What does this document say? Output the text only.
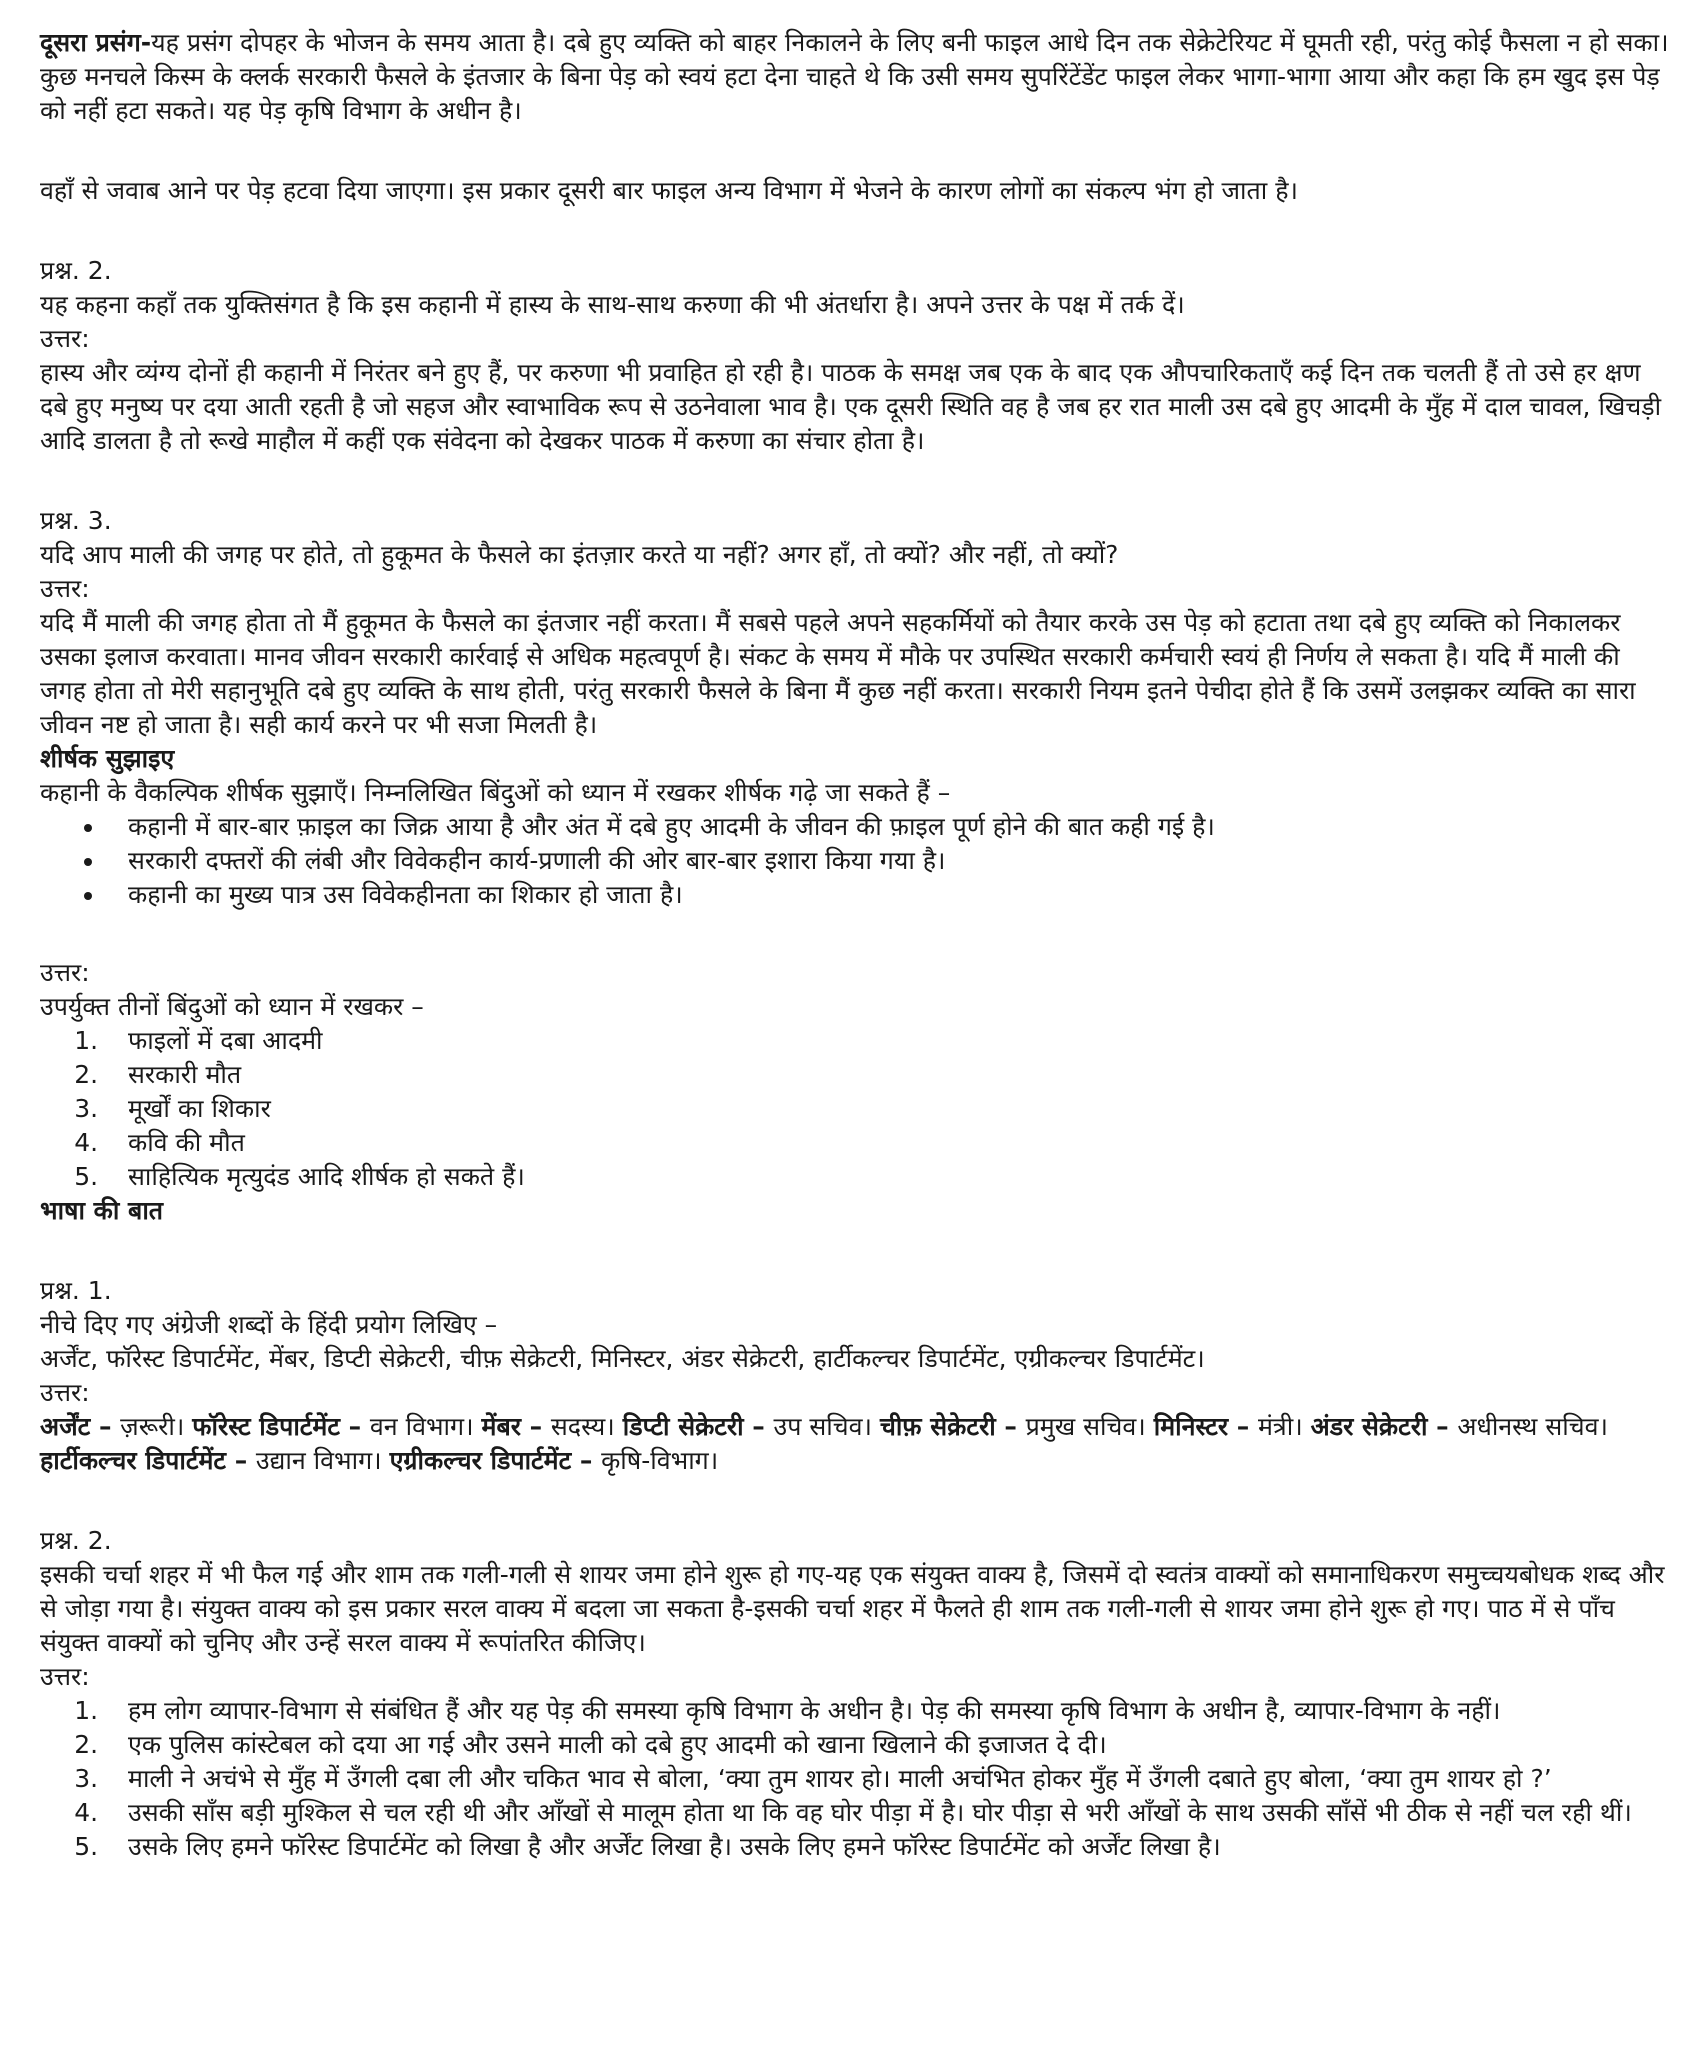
दूसरा प्रसंग-यह प्रसंग दोपहर के भोजन के समय आता है। दबे हुए व्यक्ति को बाहर निकालने के लिए बनी फाइल आधे दिन तक सेक्रेटेरियट में घूमती रही, परंतु कोई फैसला न हो सका। कुछ मनचले किस्म के क्लर्क सरकारी फैसले के इंतजार के बिना पेड़ को स्वयं हटा देना चाहते थे कि उसी समय सुपरिंटेंडेंट फाइल लेकर भागा-भागा आया और कहा कि हम खुद इस पेड़ को नहीं हटा सकते। यह पेड़ कृषि विभाग के अधीन है।

वहाँ से जवाब आने पर पेड़ हटवा दिया जाएगा। इस प्रकार दूसरी बार फाइल अन्य विभाग में भेजने के कारण लोगों का संकल्प भंग हो जाता है।

प्रश्न. 2.

यह कहना कहाँ तक युक्तिसंगत है कि इस कहानी में हास्य के साथ-साथ करुणा की भी अंतर्धारा है। अपने उत्तर के पक्ष में तर्क दें।

उत्तर:

हास्य और व्यंग्य दोनों ही कहानी में निरंतर बने हुए हैं, पर करुणा भी प्रवाहित हो रही है। पाठक के समक्ष जब एक के बाद एक औपचारिकताएँ कई दिन तक चलती हैं तो उसे हर क्षण दबे हुए मनुष्य पर दया आती रहती है जो सहज और स्वाभाविक रूप से उठनेवाला भाव है। एक दूसरी स्थिति वह है जब हर रात माली उस दबे हुए आदमी के मुँह में दाल चावल, खिचड़ी आदि डालता है तो रूखे माहौल में कहीं एक संवेदना को देखकर पाठक में करुणा का संचार होता है।

प्रश्न. 3.

यदि आप माली की जगह पर होते, तो हुकूमत के फैसले का इंतज़ार करते या नहीं? अगर हाँ, तो क्यों? और नहीं, तो क्यों?

उत्तर:

यदि मैं माली की जगह होता तो मैं हुकूमत के फैसले का इंतजार नहीं करता। मैं सबसे पहले अपने सहकर्मियों को तैयार करके उस पेड़ को हटाता तथा दबे हुए व्यक्ति को निकालकर उसका इलाज करवाता। मानव जीवन सरकारी कार्रवाई से अधिक महत्वपूर्ण है। संकट के समय में मौके पर उपस्थित सरकारी कर्मचारी स्वयं ही निर्णय ले सकता है। यदि मैं माली की जगह होता तो मेरी सहानुभूति दबे हुए व्यक्ति के साथ होती, परंतु सरकारी फैसले के बिना मैं कुछ नहीं करता। सरकारी नियम इतने पेचीदा होते हैं कि उसमें उलझकर व्यक्ति का सारा जीवन नष्ट हो जाता है। सही कार्य करने पर भी सजा मिलती है।

शीर्षक सुझाइए

कहानी के वैकल्पिक शीर्षक सुझाएँ। निम्नलिखित बिंदुओं को ध्यान में रखकर शीर्षक गढ़े जा सकते हैं –

• कहानी में बार-बार फ़ाइल का जिक्र आया है और अंत में दबे हुए आदमी के जीवन की फ़ाइल पूर्ण होने की बात कही गई है।
• सरकारी दफ्तरों की लंबी और विवेकहीन कार्य-प्रणाली की ओर बार-बार इशारा किया गया है।
• कहानी का मुख्य पात्र उस विवेकहीनता का शिकार हो जाता है।

उत्तर:

उपर्युक्त तीनों बिंदुओं को ध्यान में रखकर –

1. फाइलों में दबा आदमी
2. सरकारी मौत
3. मूर्खों का शिकार
4. कवि की मौत
5. साहित्यिक मृत्युदंड आदि शीर्षक हो सकते हैं।

भाषा की बात

प्रश्न. 1.

नीचे दिए गए अंग्रेजी शब्दों के हिंदी प्रयोग लिखिए –

अर्जेंट, फॉरेस्ट डिपार्टमेंट, मेंबर, डिप्टी सेक्रेटरी, चीफ़ सेक्रेटरी, मिनिस्टर, अंडर सेक्रेटरी, हार्टीकल्चर डिपार्टमेंट, एग्रीकल्चर डिपार्टमेंट।

उत्तर:

अर्जेंट – ज़रूरी। फॉरेस्ट डिपार्टमेंट – वन विभाग। मेंबर – सदस्य। डिप्टी सेक्रेटरी – उप सचिव। चीफ़ सेक्रेटरी – प्रमुख सचिव। मिनिस्टर – मंत्री। अंडर सेक्रेटरी – अधीनस्थ सचिव। हार्टीकल्चर डिपार्टमेंट – उद्यान विभाग। एग्रीकल्चर डिपार्टमेंट – कृषि-विभाग।

प्रश्न. 2.

इसकी चर्चा शहर में भी फैल गई और शाम तक गली-गली से शायर जमा होने शुरू हो गए-यह एक संयुक्त वाक्य है, जिसमें दो स्वतंत्र वाक्यों को समानाधिकरण समुच्चयबोधक शब्द और से जोड़ा गया है। संयुक्त वाक्य को इस प्रकार सरल वाक्य में बदला जा सकता है-इसकी चर्चा शहर में फैलते ही शाम तक गली-गली से शायर जमा होने शुरू हो गए। पाठ में से पाँच संयुक्त वाक्यों को चुनिए और उन्हें सरल वाक्य में रूपांतरित कीजिए।

उत्तर:

1. हम लोग व्यापार-विभाग से संबंधित हैं और यह पेड़ की समस्या कृषि विभाग के अधीन है। पेड़ की समस्या कृषि विभाग के अधीन है, व्यापार-विभाग के नहीं।
2. एक पुलिस कांस्टेबल को दया आ गई और उसने माली को दबे हुए आदमी को खाना खिलाने की इजाजत दे दी।
3. माली ने अचंभे से मुँह में उँगली दबा ली और चकित भाव से बोला, ‘क्या तुम शायर हो। माली अचंभित होकर मुँह में उँगली दबाते हुए बोला, ‘क्या तुम शायर हो ?’
4. उसकी साँस बड़ी मुश्किल से चल रही थी और आँखों से मालूम होता था कि वह घोर पीड़ा में है। घोर पीड़ा से भरी आँखों के साथ उसकी साँसें भी ठीक से नहीं चल रही थीं।
5. उसके लिए हमने फॉरेस्ट डिपार्टमेंट को लिखा है और अर्जेंट लिखा है। उसके लिए हमने फॉरेस्ट डिपार्टमेंट को अर्जेंट लिखा है।
